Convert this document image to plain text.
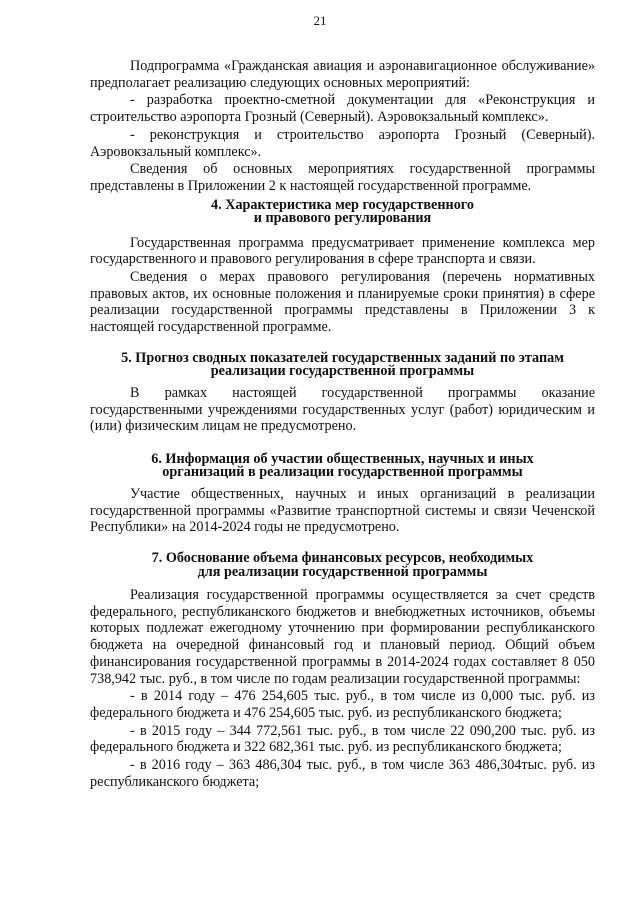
21

Подпрограмма «Гражданская авиация и аэронавигационное обслуживание» предполагает реализацию следующих основных мероприятий:

- разработка проектно-сметной документации для «Реконструкция и строительство аэропорта Грозный (Северный). Аэровокзальный комплекс».

- реконструкция и строительство аэропорта Грозный (Северный). Аэровокзальный комплекс».

Сведения об основных мероприятиях государственной программы представлены в Приложении 2 к настоящей государственной программе.

4. Характеристика мер государственного

и правового регулирования

Государственная программа предусматривает применение комплекса мер государственного и правового регулирования в сфере транспорта и связи.

Сведения о мерах правового регулирования (перечень нормативных правовых актов, их основные положения и планируемые сроки принятия) в сфере реализации государственной программы представлены в Приложении 3 к настоящей государственной программе.

5. Прогноз сводных показателей государственных заданий по этапам

реализации государственной программы

В рамках настоящей государственной программы оказание государственными учреждениями государственных услуг (работ) юридическим и (или) физическим лицам не предусмотрено.

6. Информация об участии общественных, научных и иных

организаций в реализации государственной программы

Участие общественных, научных и иных организаций в реализации государственной программы «Развитие транспортной системы и связи Чеченской Республики» на 2014-2024 годы не предусмотрено.

7. Обоснование объема финансовых ресурсов, необходимых

для реализации государственной программы

Реализация государственной программы осуществляется за счет средств федерального, республиканского бюджетов и внебюджетных источников, объемы которых подлежат ежегодному уточнению при формировании республиканского бюджета на очередной финансовый год и плановый период. Общий объем финансирования государственной программы в 2014-2024 годах составляет 8 050 738,942 тыс. руб., в том числе по годам реализации государственной программы:

- в 2014 году – 476 254,605 тыс. руб., в том числе из 0,000 тыс. руб. из федерального бюджета и 476 254,605 тыс. руб. из республиканского бюджета;

- в 2015 году – 344 772,561 тыс. руб., в том числе 22 090,200 тыс. руб. из федерального бюджета и 322 682,361 тыс. руб. из республиканского бюджета;

- в 2016 году – 363 486,304 тыс. руб., в том числе 363 486,304тыс. руб. из республиканского бюджета;
